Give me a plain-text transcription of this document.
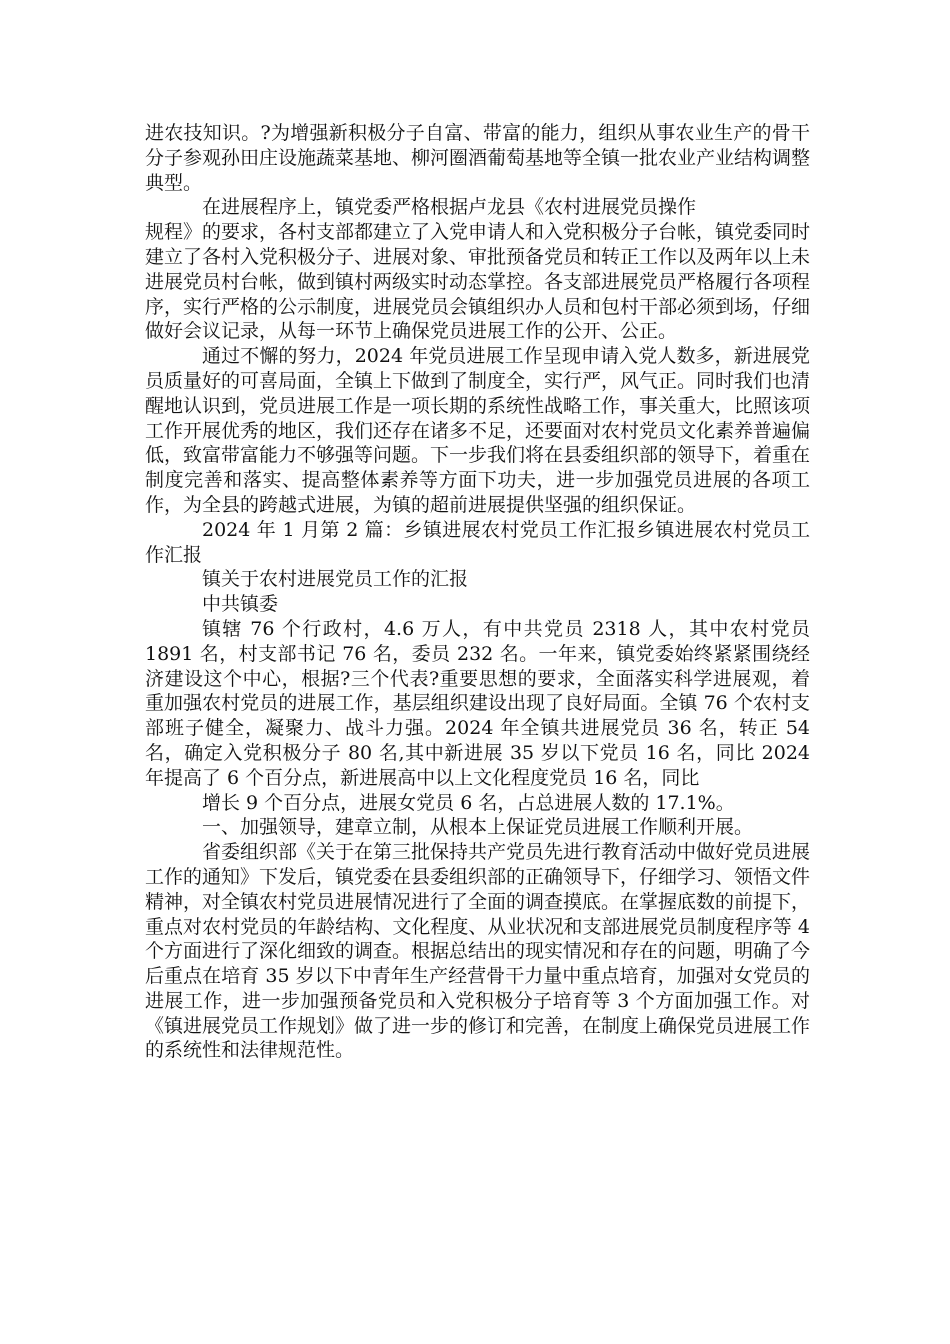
进农技知识。?为增强新积极分子自富、带富的能力，组织从事农业生产的骨干分子参观孙田庄设施蔬菜基地、柳河圈酒葡萄基地等全镇一批农业产业结构调整典型。

在进展程序上，镇党委严格根据卢龙县《农村进展党员操作

规程》的要求，各村支部都建立了入党申请人和入党积极分子台帐，镇党委同时建立了各村入党积极分子、进展对象、审批预备党员和转正工作以及两年以上未进展党员村台帐，做到镇村两级实时动态掌控。各支部进展党员严格履行各项程序，实行严格的公示制度，进展党员会镇组织办人员和包村干部必须到场，仔细做好会议记录，从每一环节上确保党员进展工作的公开、公正。

通过不懈的努力，2024 年党员进展工作呈现申请入党人数多，新进展党员质量好的可喜局面，全镇上下做到了制度全，实行严，风气正。同时我们也清醒地认识到，党员进展工作是一项长期的系统性战略工作，事关重大，比照该项工作开展优秀的地区，我们还存在诸多不足，还要面对农村党员文化素养普遍偏低，致富带富能力不够强等问题。下一步我们将在县委组织部的领导下，着重在制度完善和落实、提高整体素养等方面下功夫，进一步加强党员进展的各项工作，为全县的跨越式进展，为镇的超前进展提供坚强的组织保证。

2024 年 1 月第 2 篇：乡镇进展农村党员工作汇报乡镇进展农村党员工作汇报

镇关于农村进展党员工作的汇报

中共镇委

镇辖 76 个行政村，4.6 万人，有中共党员 2318 人，其中农村党员 1891 名，村支部书记 76 名，委员 232 名。一年来，镇党委始终紧紧围绕经济建设这个中心，根据?三个代表?重要思想的要求，全面落实科学进展观，着重加强农村党员的进展工作，基层组织建设出现了良好局面。全镇 76 个农村支部班子健全，凝聚力、战斗力强。2024 年全镇共进展党员 36 名，转正 54 名，确定入党积极分子 80 名,其中新进展 35 岁以下党员 16 名，同比 2024 年提高了 6 个百分点，新进展高中以上文化程度党员 16 名，同比

增长 9 个百分点，进展女党员 6 名，占总进展人数的 17.1%。

一、加强领导，建章立制，从根本上保证党员进展工作顺利开展。

省委组织部《关于在第三批保持共产党员先进行教育活动中做好党员进展工作的通知》下发后，镇党委在县委组织部的正确领导下，仔细学习、领悟文件精神，对全镇农村党员进展情况进行了全面的调查摸底。在掌握底数的前提下，重点对农村党员的年龄结构、文化程度、从业状况和支部进展党员制度程序等 4 个方面进行了深化细致的调查。根据总结出的现实情况和存在的问题，明确了今后重点在培育 35 岁以下中青年生产经营骨干力量中重点培育，加强对女党员的进展工作，进一步加强预备党员和入党积极分子培育等 3 个方面加强工作。对《镇进展党员工作规划》做了进一步的修订和完善，在制度上确保党员进展工作的系统性和法律规范性。
